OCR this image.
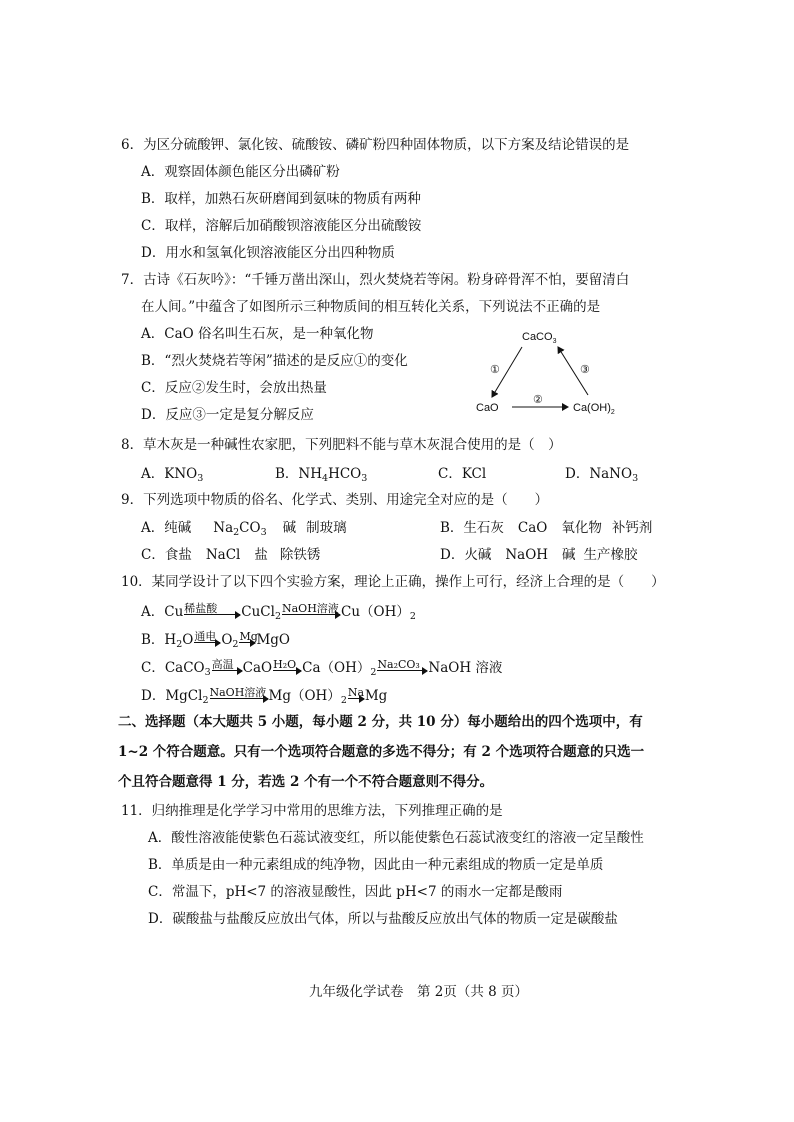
6．为区分硫酸钾、氯化铵、硫酸铵、磷矿粉四种固体物质，以下方案及结论错误的是
A．观察固体颜色能区分出磷矿粉
B．取样，加熟石灰研磨闻到氨味的物质有两种
C．取样，溶解后加硝酸钡溶液能区分出硫酸铵
D．用水和氢氧化钡溶液能区分出四种物质
7．古诗《石灰吟》：“千锤万凿出深山，烈火焚烧若等闲。粉身碎骨浑不怕，要留清白
在人间。”中蕴含了如图所示三种物质间的相互转化关系，下列说法不正确的是
A．CaO 俗名叫生石灰，是一种氧化物
B．“烈火焚烧若等闲”描述的是反应①的变化
C．反应②发生时，会放出热量
D．反应③一定是复分解反应
CaCO$_3$
CaO	$Ca(OH)_2$
①
②
③
8．草木灰是一种碱性农家肥，下列肥料不能与草木灰混合使用的是（　）
A．$KNO_3$	B．$NH_4HCO_3$	C．KCl	D．NaNO$_3$
9．下列选项中物质的俗名、化学式、类别、用途完全对应的是（　　）
A．纯碱 $Na_2CO_3$ 碱 制玻璃	B．生石灰 CaO 氧化物 补钙剂
C．食盐 NaCl 盐 除铁锈	D．火碱 NaOH 碱 生产橡胶
10．某同学设计了以下四个实验方案，理论上正确，操作上可行，经济上合理的是（　　）
A．Cu 稀盐酸	CuCl$_2$
NaOH溶液 $Cu(OH)_2$
B．$H_2O$ 通电 $O_2$
Mg
MgO
C．CaCO$_3$
高温 CaO H₂O $Ca(OH)_2$
Na₂CO₃ NaOH 溶液
D．MgCl$_2$
NaOH溶液 $Mg(OH)_2$
Na Mg
二、选择题（本大题共 5 小题，每小题 2 分，共 10 分）每小题给出的四个选项中，有
1~2 个符合题意。只有一个选项符合题意的多选不得分；有 2 个选项符合题意的只选一
个且符合题意得 1 分，若选 2 个有一个不符合题意则不得分。
11．归纳推理是化学学习中常用的思维方法，下列推理正确的是
A．酸性溶液能使紫色石蕊试液变红，所以能使紫色石蕊试液变红的溶液一定呈酸性
B．单质是由一种元素组成的纯净物，因此由一种元素组成的物质一定是单质
C．常温下，pH<7 的溶液显酸性，因此 pH<7 的雨水一定都是酸雨
D．碳酸盐与盐酸反应放出气体，所以与盐酸反应放出气体的物质一定是碳酸盐
九年级化学试卷　第 2页（共 8 页）
